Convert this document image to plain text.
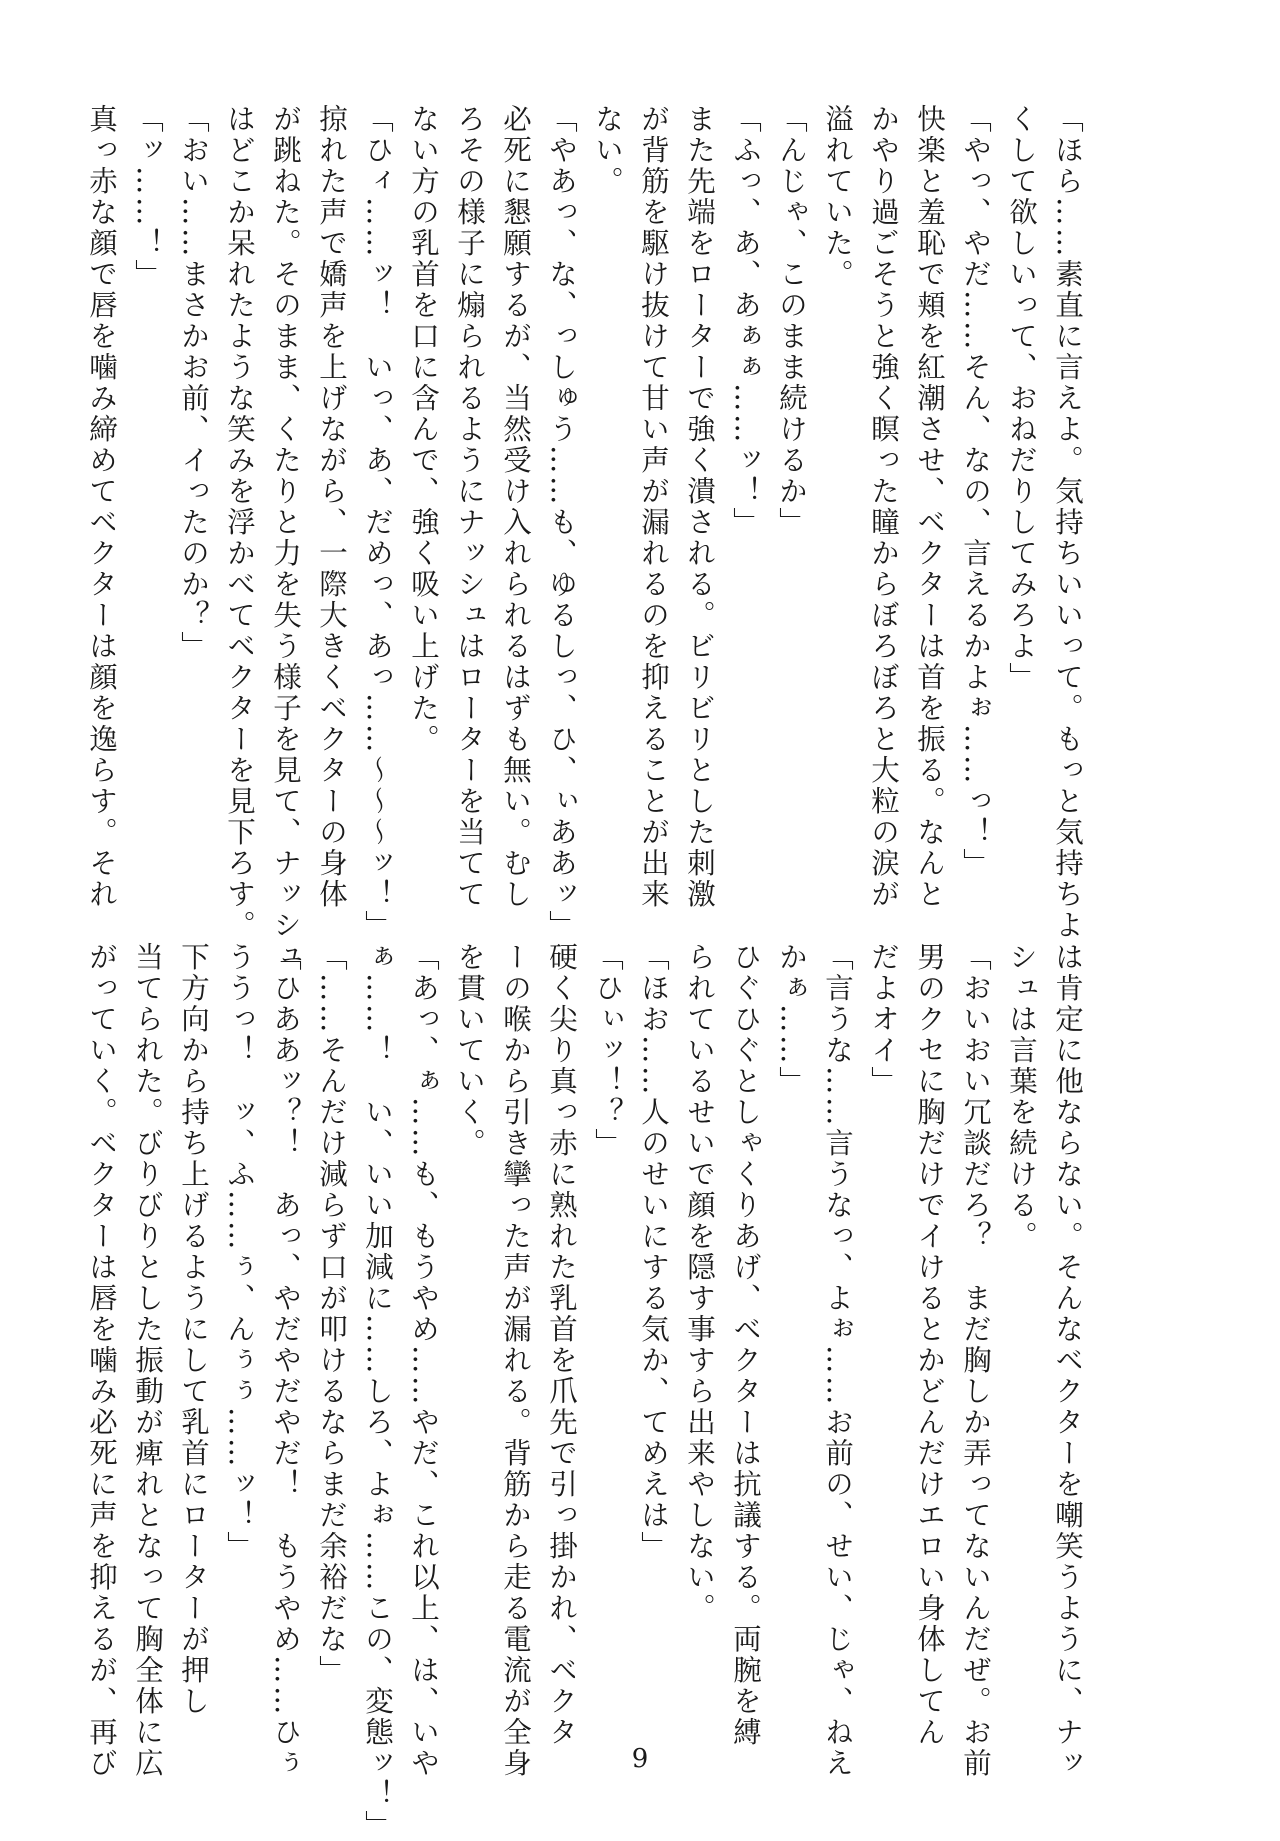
「ほら……素直に言えよ。気持ちいいって。もっと気持ちよ

くして欲しいって、おねだりしてみろよ」

「やっ、やだ……そん、なの、言えるかよぉ……っ！」

快楽と羞恥で頬を紅潮させ、ベクターは首を振る。なんと

かやり過ごそうと強く瞑った瞳からぼろぼろと大粒の涙が

溢れていた。

「んじゃ、このまま続けるか」

「ふっ、あ、あぁぁ……ッ！」

また先端をローターで強く潰される。ビリビリとした刺激

が背筋を駆け抜けて甘い声が漏れるのを抑えることが出来

ない。

「やあっ、な、っしゅう……も、ゆるしっ、ひ、ぃああッ」

必死に懇願するが、当然受け入れられるはずも無い。むし

ろその様子に煽られるようにナッシュはローターを当てて

ない方の乳首を口に含んで、強く吸い上げた。

「ひィ……ッ！　いっ、あ、だめっ、あっ……〜〜〜ッ！」

掠れた声で嬌声を上げながら、一際大きくベクターの身体

が跳ねた。そのまま、くたりと力を失う様子を見て、ナッシュ

はどこか呆れたような笑みを浮かべてベクターを見下ろす。

「おい……まさかお前、イったのか？」

「ッ……！」

真っ赤な顔で唇を噛み締めてベクターは顔を逸らす。それ

は肯定に他ならない。そんなベクターを嘲笑うように、ナッ

シュは言葉を続ける。

「おいおい冗談だろ？　まだ胸しか弄ってないんだぜ。お前

男のクセに胸だけでイけるとかどんだけエロい身体してん

だよオイ」

「言うな……言うなっ、よぉ……お前の、せい、じゃ、ねえ

かぁ……」

ひぐひぐとしゃくりあげ、ベクターは抗議する。両腕を縛

られているせいで顔を隠す事すら出来やしない。

「ほお……人のせいにする気か、てめえは」

「ひぃッ！？」

硬く尖り真っ赤に熟れた乳首を爪先で引っ掛かれ、ベクタ

ーの喉から引き攣った声が漏れる。背筋から走る電流が全身

を貫いていく。

「あっ、ぁ……も、もうやめ……やだ、これ以上、は、いや

ぁ……！　い、いい加減に……しろ、よぉ……この、変態ッ！」

「……そんだけ減らず口が叩けるならまだ余裕だな」

「ひああッ？！　あっ、やだやだやだ！　もうやめ……ひぅ

ううっ！　ッ、ふ……ぅ、んぅぅ……ッ！」

下方向から持ち上げるようにして乳首にローターが押し

当てられた。びりびりとした振動が痺れとなって胸全体に広

がっていく。ベクターは唇を噛み必死に声を抑えるが、再び	9
